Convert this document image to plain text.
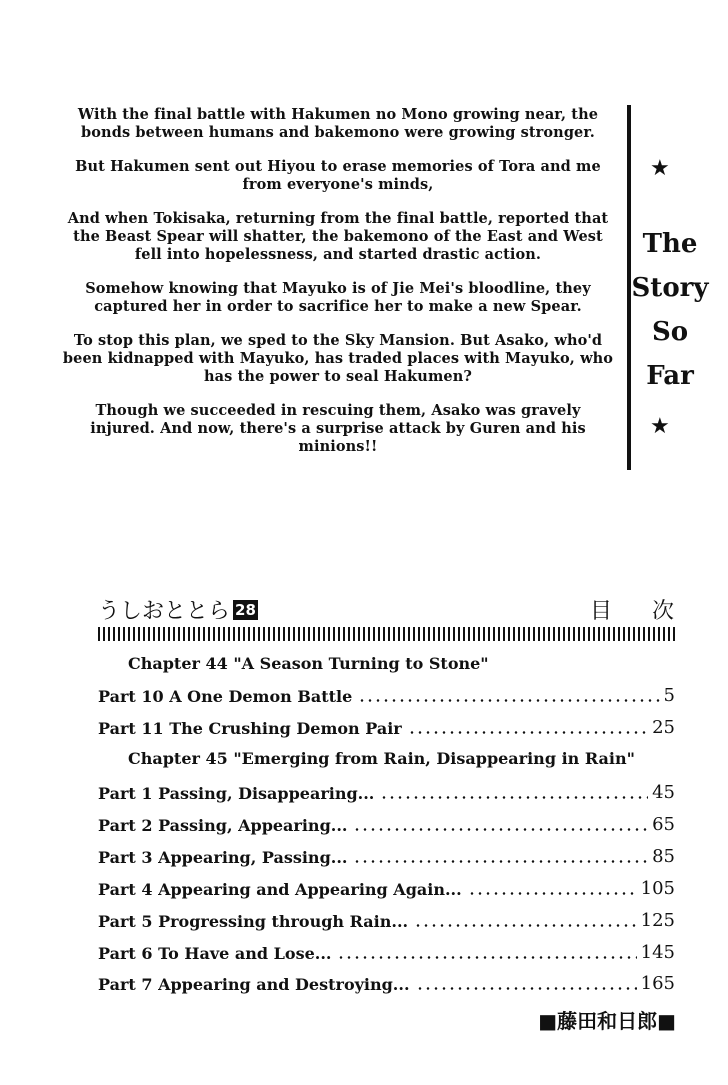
With the final battle with Hakumen no Mono growing near, the bonds between humans and bakemono were growing stronger.

But Hakumen sent out Hiyou to erase memories of Tora and me from everyone's minds,

And when Tokisaka, returning from the final battle, reported that the Beast Spear will shatter, the bakemono of the East and West fell into hopelessness, and started drastic action.

Somehow knowing that Mayuko is of Jie Mei's bloodline, they captured her in order to sacrifice her to make a new Spear.

To stop this plan, we sped to the Sky Mansion. But Asako, who'd been kidnapped with Mayuko, has traded places with Mayuko, who has the power to seal Hakumen?

Though we succeeded in rescuing them, Asako was gravely injured. And now, there's a surprise attack by Guren and his minions!!

★
The
Story
So
Far
★
うしおととら 28	目次
Chapter 44 "A Season Turning to Stone"
Part 10 A One Demon Battle	5
Part 11 The Crushing Demon Pair	25
Chapter 45 "Emerging from Rain, Disappearing in Rain"
Part 1 Passing, Disappearing...	45
Part 2 Passing, Appearing...	65
Part 3 Appearing, Passing...	85
Part 4 Appearing and Appearing Again...	105
Part 5 Progressing through Rain...	125
Part 6 To Have and Lose...	145
Part 7 Appearing and Destroying...	165
■藤田和日郎■
